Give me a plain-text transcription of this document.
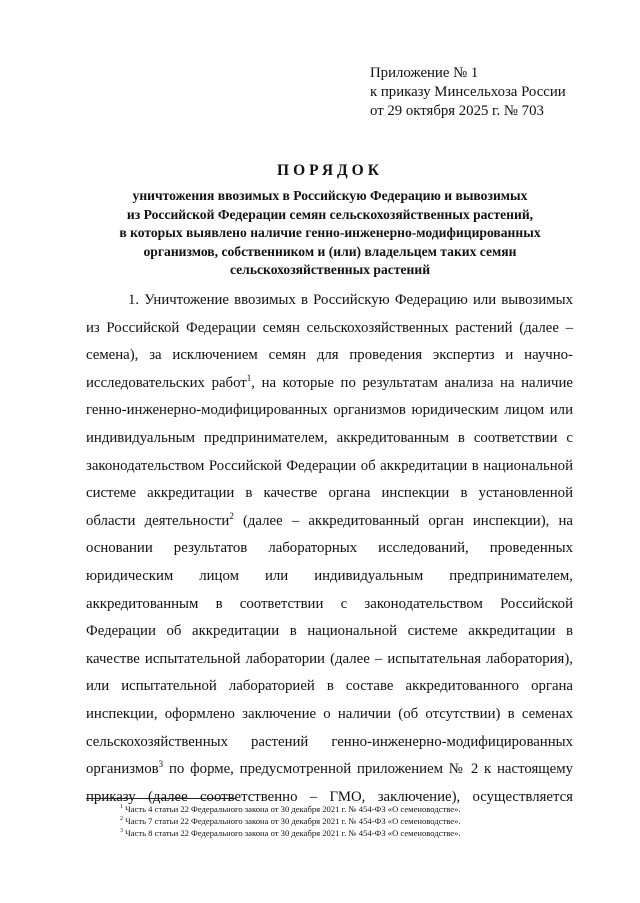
Приложение № 1
к приказу Минсельхоза России
от 29 октября 2025 г. № 703
ПОРЯДОК
уничтожения ввозимых в Российскую Федерацию и вывозимых
из Российской Федерации семян сельскохозяйственных растений,
в которых выявлено наличие генно-инженерно-модифицированных
организмов, собственником и (или) владельцем таких семян
сельскохозяйственных растений
1. Уничтожение ввозимых в Российскую Федерацию или вывозимых
из Российской Федерации семян сельскохозяйственных растений (далее –
семена), за исключением семян для проведения экспертиз и научно-
исследовательских работ$^1$, на которые по результатам анализа на наличие
генно-инженерно-модифицированных организмов юридическим лицом или
индивидуальным предпринимателем, аккредитованным в соответствии с
законодательством Российской Федерации об аккредитации в национальной
системе аккредитации в качестве органа инспекции в установленной
области деятельности$^2$ (далее – аккредитованный орган инспекции), на
основании результатов лабораторных исследований, проведенных
юридическим лицом или индивидуальным предпринимателем,
аккредитованным в соответствии с законодательством Российской
Федерации об аккредитации в национальной системе аккредитации в
качестве испытательной лаборатории (далее – испытательная лаборатория),
или испытательной лабораторией в составе аккредитованного органа
инспекции, оформлено заключение о наличии (об отсутствии) в семенах
сельскохозяйственных растений генно-инженерно-модифицированных
организмов$^3$ по форме, предусмотренной приложением № 2 к настоящему
приказу (далее соответственно – ГМО, заключение), осуществляется
$^1$ Часть 4 статьи 22 Федерального закона от 30 декабря 2021 г. № 454-ФЗ «О семеноводстве».
$^2$ Часть 7 статьи 22 Федерального закона от 30 декабря 2021 г. № 454-ФЗ «О семеноводстве».
$^3$ Часть 8 статьи 22 Федерального закона от 30 декабря 2021 г. № 454-ФЗ «О семеноводстве».
